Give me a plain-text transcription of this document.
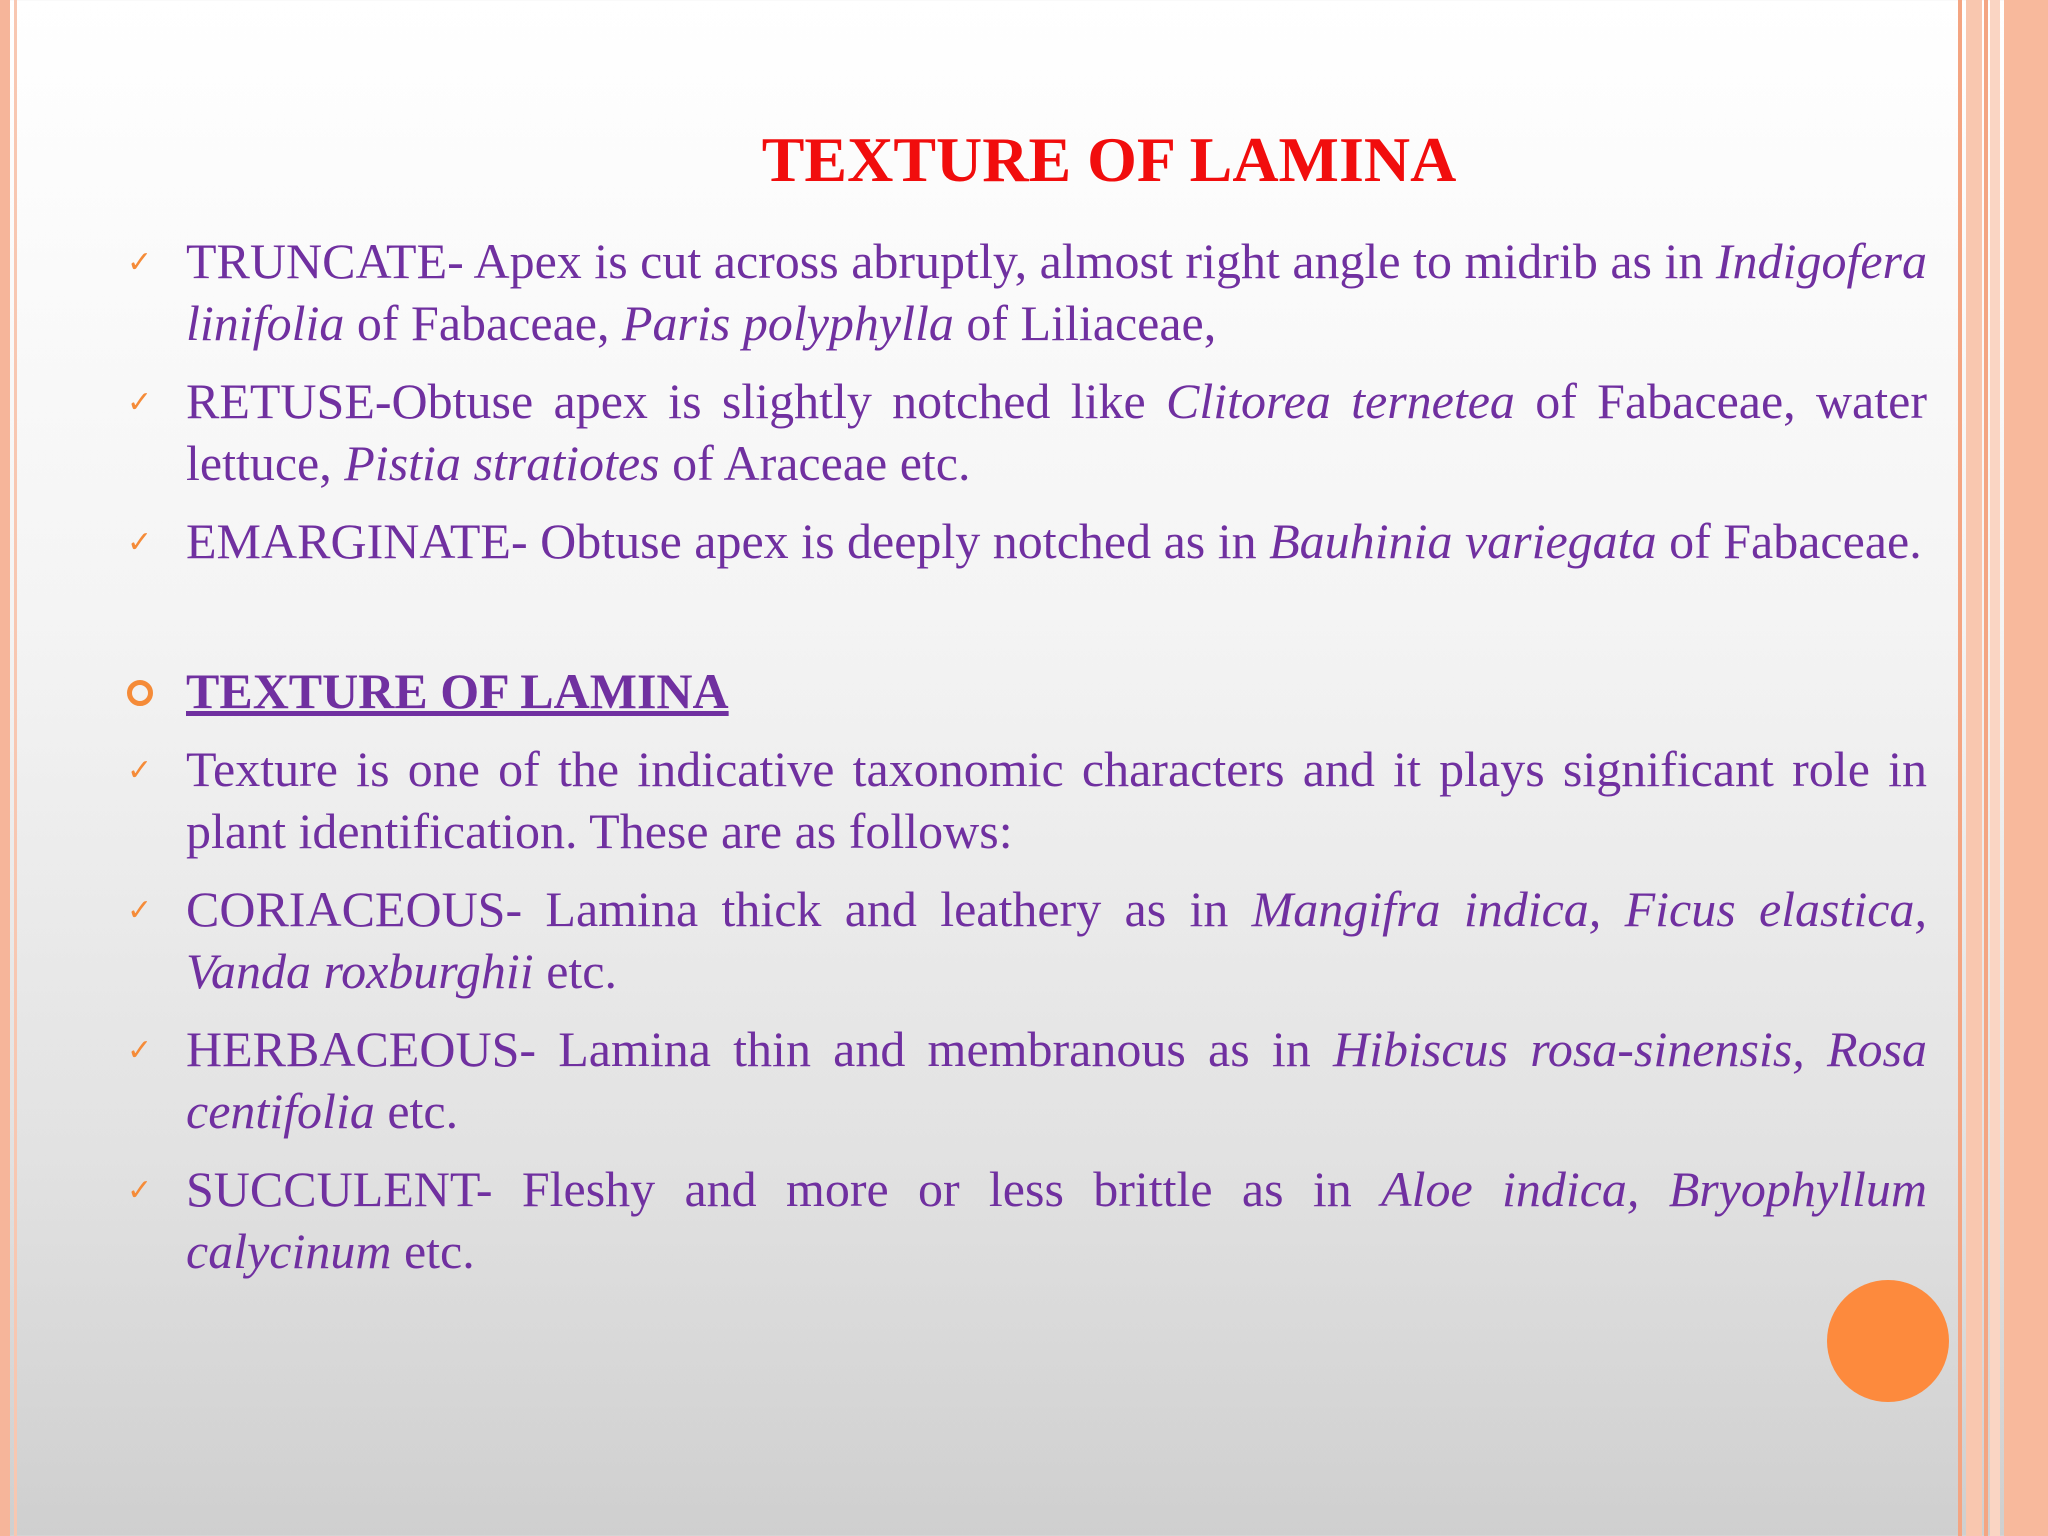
TEXTURE OF LAMINA
✓ TRUNCATE- Apex is cut across abruptly, almost right angle to midrib as in Indigofera linifolia of Fabaceae, Paris polyphylla of Liliaceae,
✓ RETUSE-Obtuse apex is slightly notched like Clitorea ternetea of Fabaceae, water lettuce, Pistia stratiotes of Araceae etc.
✓ EMARGINATE- Obtuse apex is deeply notched as in Bauhinia variegata of Fabaceae.
TEXTURE OF LAMINA
✓ Texture is one of the indicative taxonomic characters and it plays significant role in plant identification. These are as follows:
✓ CORIACEOUS- Lamina thick and leathery as in Mangifra indica, Ficus elastica, Vanda roxburghii etc.
✓ HERBACEOUS- Lamina thin and membranous as in Hibiscus rosa-sinensis, Rosa centifolia etc.
✓ SUCCULENT- Fleshy and more or less brittle as in Aloe indica, Bryophyllum calycinum etc.
